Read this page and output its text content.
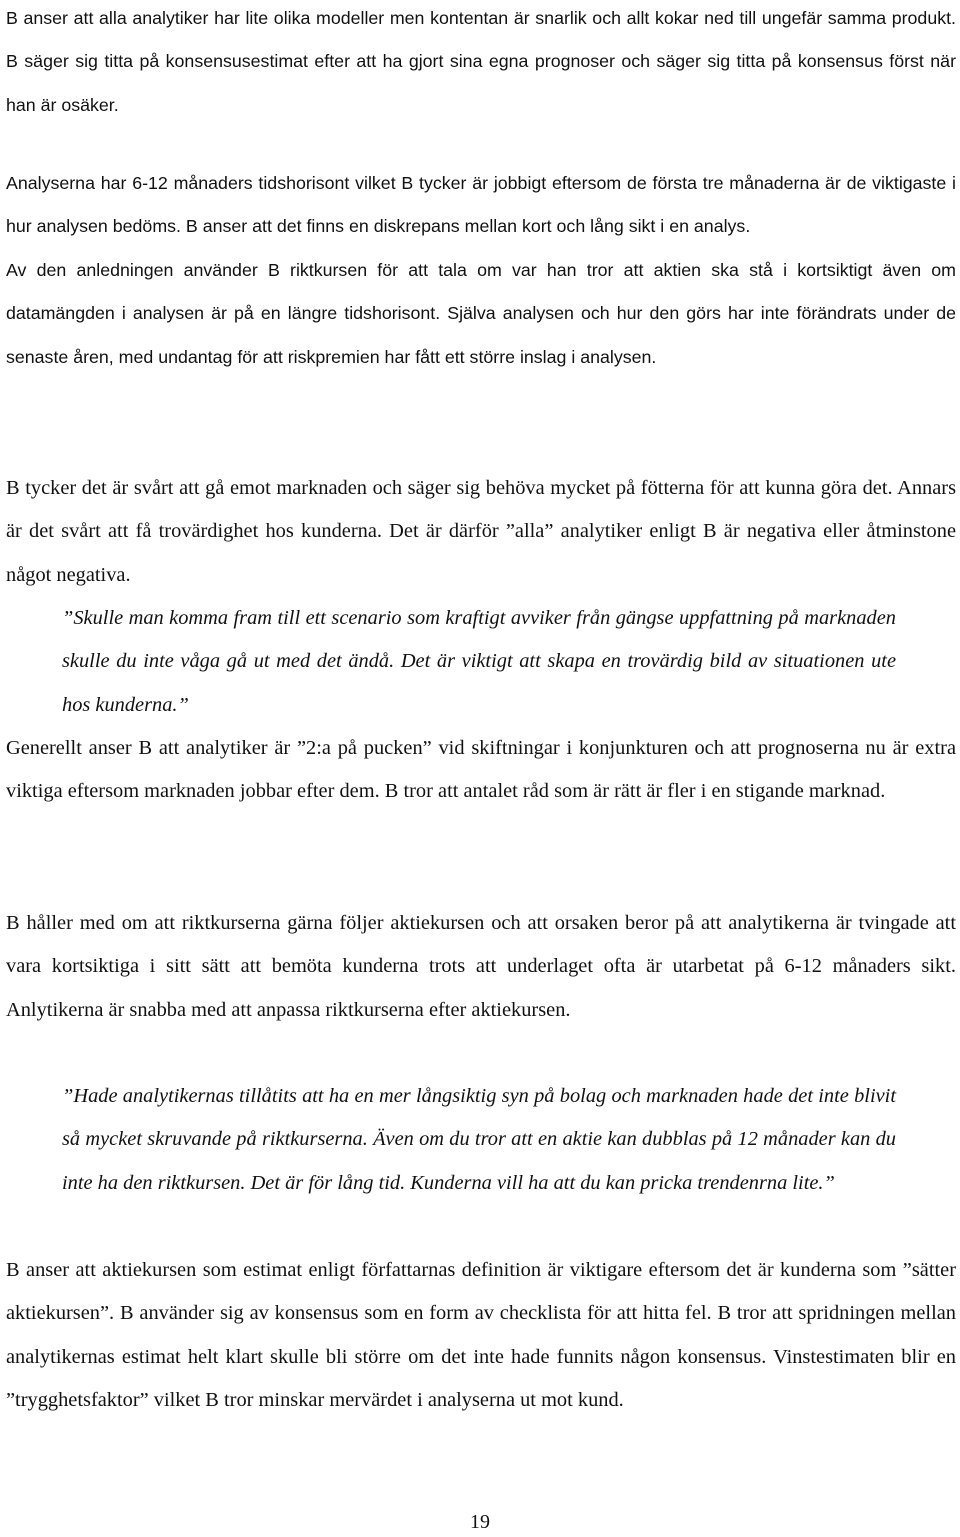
B anser att alla analytiker har lite olika modeller men kontentan är snarlik och allt kokar ned till ungefär samma produkt. B säger sig titta på konsensusestimat efter att ha gjort sina egna prognoser och säger sig titta på konsensus först när han är osäker.

Analyserna har 6-12 månaders tidshorisont vilket B tycker är jobbigt eftersom de första tre månaderna är de viktigaste i hur analysen bedöms. B anser att det finns en diskrepans mellan kort och lång sikt i en analys.

Av den anledningen använder B riktkursen för att tala om var han tror att aktien ska stå i kortsiktigt även om datamängden i analysen är på en längre tidshorisont. Själva analysen och hur den görs har inte förändrats under de senaste åren, med undantag för att riskpremien har fått ett större inslag i analysen.

B tycker det är svårt att gå emot marknaden och säger sig behöva mycket på fötterna för att kunna göra det. Annars är det svårt att få trovärdighet hos kunderna. Det är därför ”alla” analytiker enligt B är negativa eller åtminstone något negativa.

”Skulle man komma fram till ett scenario som kraftigt avviker från gängse uppfattning på marknaden skulle du inte våga gå ut med det ändå. Det är viktigt att skapa en trovärdig bild av situationen ute hos kunderna.”

Generellt anser B att analytiker är ”2:a på pucken” vid skiftningar i konjunkturen och att prognoserna nu är extra viktiga eftersom marknaden jobbar efter dem. B tror att antalet råd som är rätt är fler i en stigande marknad.

B håller med om att riktkurserna gärna följer aktiekursen och att orsaken beror på att analytikerna är tvingade att vara kortsiktiga i sitt sätt att bemöta kunderna trots att underlaget ofta är utarbetat på 6-12 månaders sikt. Anlytikerna är snabba med att anpassa riktkurserna efter aktiekursen.

”Hade analytikernas tillåtits att ha en mer långsiktig syn på bolag och marknaden hade det inte blivit så mycket skruvande på riktkurserna. Även om du tror att en aktie kan dubblas på 12 månader kan du inte ha den riktkursen. Det är för lång tid. Kunderna vill ha att du kan pricka trendenrna lite.”

B anser att aktiekursen som estimat enligt författarnas definition är viktigare eftersom det är kunderna som ”sätter aktiekursen”. B använder sig av konsensus som en form av checklista för att hitta fel. B tror att spridningen mellan analytikernas estimat helt klart skulle bli större om det inte hade funnits någon konsensus. Vinstestimaten blir en ”trygghetsfaktor” vilket B tror minskar mervärdet i analyserna ut mot kund.

19
